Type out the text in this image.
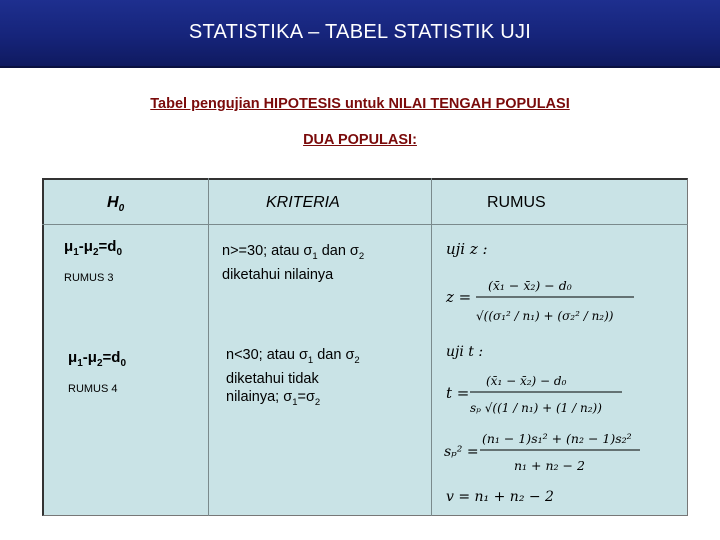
STATISTIKA – TABEL STATISTIK UJI
Tabel pengujian HIPOTESIS untuk NILAI TENGAH POPULASI
DUA POPULASI:
$H_0$	KRITERIA	RUMUS
$\mu_1-\mu_2=d_0$
RUMUS 3
n>=30; atau $\sigma_1$ dan $\sigma_2$
diketahui nilainya
uji z :
z =
(x̄₁ − x̄₂) − d₀
√((σ₁² / n₁) + (σ₂² / n₂))
$\mu_1-\mu_2=d_0$
RUMUS 4
n<30; atau $\sigma_1$ dan $\sigma_2$
diketahui tidak
nilainya; $\sigma_1=\sigma_2$
uji t :
t =
(x̄₁ − x̄₂) − d₀
sₚ √((1 / n₁) + (1 / n₂))
sₚ² =
(n₁ − 1)s₁² + (n₂ − 1)s₂²
n₁ + n₂ − 2
v = n₁ + n₂ − 2
